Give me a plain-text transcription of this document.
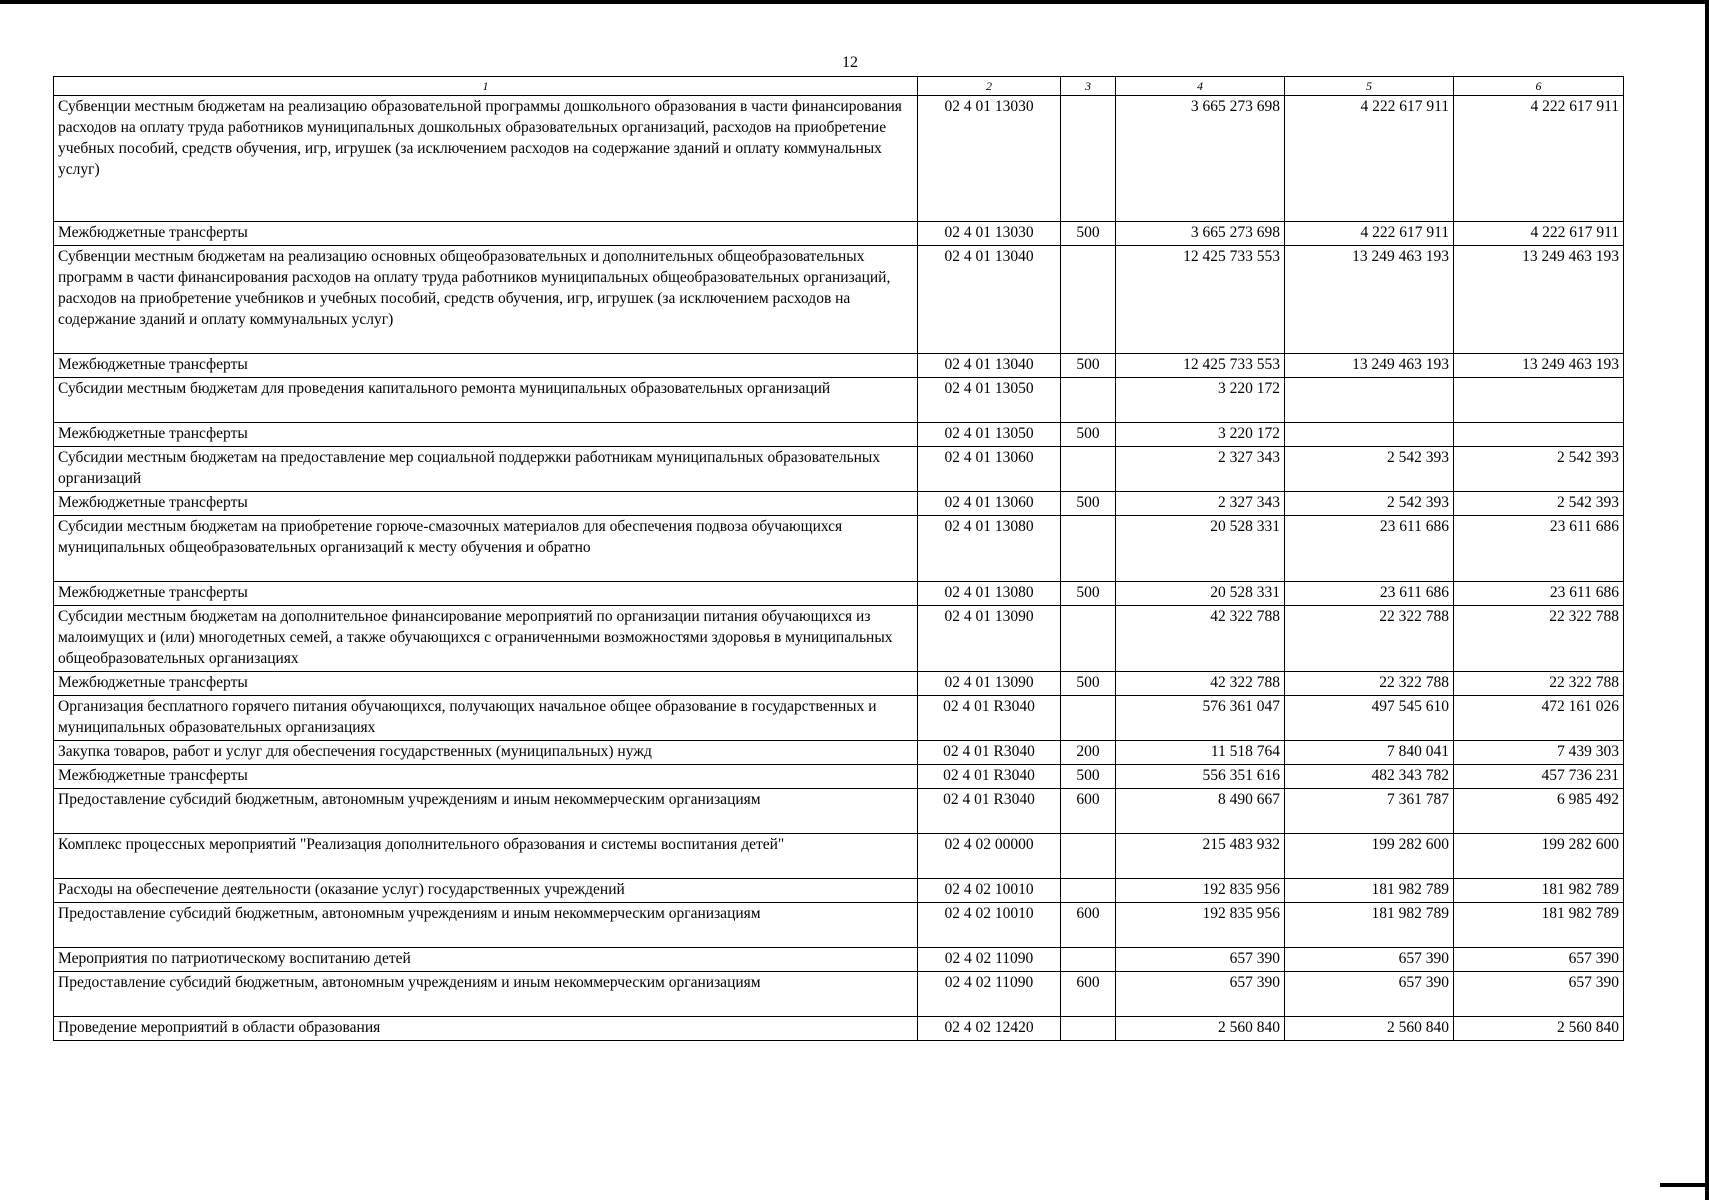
12
1	2	3	4	5	6
Субвенции местным бюджетам на реализацию образовательной программы дошкольного образования в части финансирования расходов на оплату труда работников муниципальных дошкольных образовательных организаций, расходов на приобретение учебных пособий, средств обучения, игр, игрушек (за исключением расходов на содержание зданий и оплату коммунальных услуг)	02 4 01 13030		3 665 273 698	4 222 617 911	4 222 617 911
Межбюджетные трансферты	02 4 01 13030	500	3 665 273 698	4 222 617 911	4 222 617 911
Субвенции местным бюджетам на реализацию основных общеобразовательных и дополнительных общеобразовательных программ в части финансирования расходов на оплату труда работников муниципальных общеобразовательных организаций, расходов на приобретение учебников и учебных пособий, средств обучения, игр, игрушек (за исключением расходов на содержание зданий и оплату коммунальных услуг)	02 4 01 13040		12 425 733 553	13 249 463 193	13 249 463 193
Межбюджетные трансферты	02 4 01 13040	500	12 425 733 553	13 249 463 193	13 249 463 193
Субсидии местным бюджетам для проведения капитального ремонта муниципальных образовательных организаций	02 4 01 13050		3 220 172		
Межбюджетные трансферты	02 4 01 13050	500	3 220 172		
Субсидии местным бюджетам на предоставление мер социальной поддержки работникам муниципальных образовательных организаций	02 4 01 13060		2 327 343	2 542 393	2 542 393
Межбюджетные трансферты	02 4 01 13060	500	2 327 343	2 542 393	2 542 393
Субсидии местным бюджетам на приобретение горюче-смазочных материалов для обеспечения подвоза обучающихся муниципальных общеобразовательных организаций к месту обучения и обратно	02 4 01 13080		20 528 331	23 611 686	23 611 686
Межбюджетные трансферты	02 4 01 13080	500	20 528 331	23 611 686	23 611 686
Субсидии местным бюджетам на дополнительное финансирование мероприятий по организации питания обучающихся из малоимущих и (или) многодетных семей, а также обучающихся с ограниченными возможностями здоровья в муниципальных общеобразовательных организациях	02 4 01 13090		42 322 788	22 322 788	22 322 788
Межбюджетные трансферты	02 4 01 13090	500	42 322 788	22 322 788	22 322 788
Организация бесплатного горячего питания обучающихся, получающих начальное общее образование в государственных и муниципальных образовательных организациях	02 4 01 R3040		576 361 047	497 545 610	472 161 026
Закупка товаров, работ и услуг для обеспечения государственных (муниципальных) нужд	02 4 01 R3040	200	11 518 764	7 840 041	7 439 303
Межбюджетные трансферты	02 4 01 R3040	500	556 351 616	482 343 782	457 736 231
Предоставление субсидий бюджетным, автономным учреждениям и иным некоммерческим организациям	02 4 01 R3040	600	8 490 667	7 361 787	6 985 492
Комплекс процессных мероприятий "Реализация дополнительного образования и системы воспитания детей"	02 4 02 00000		215 483 932	199 282 600	199 282 600
Расходы на обеспечение деятельности (оказание услуг) государственных учреждений	02 4 02 10010		192 835 956	181 982 789	181 982 789
Предоставление субсидий бюджетным, автономным учреждениям и иным некоммерческим организациям	02 4 02 10010	600	192 835 956	181 982 789	181 982 789
Мероприятия по патриотическому воспитанию детей	02 4 02 11090		657 390	657 390	657 390
Предоставление субсидий бюджетным, автономным учреждениям и иным некоммерческим организациям	02 4 02 11090	600	657 390	657 390	657 390
Проведение мероприятий в области образования	02 4 02 12420		2 560 840	2 560 840	2 560 840
